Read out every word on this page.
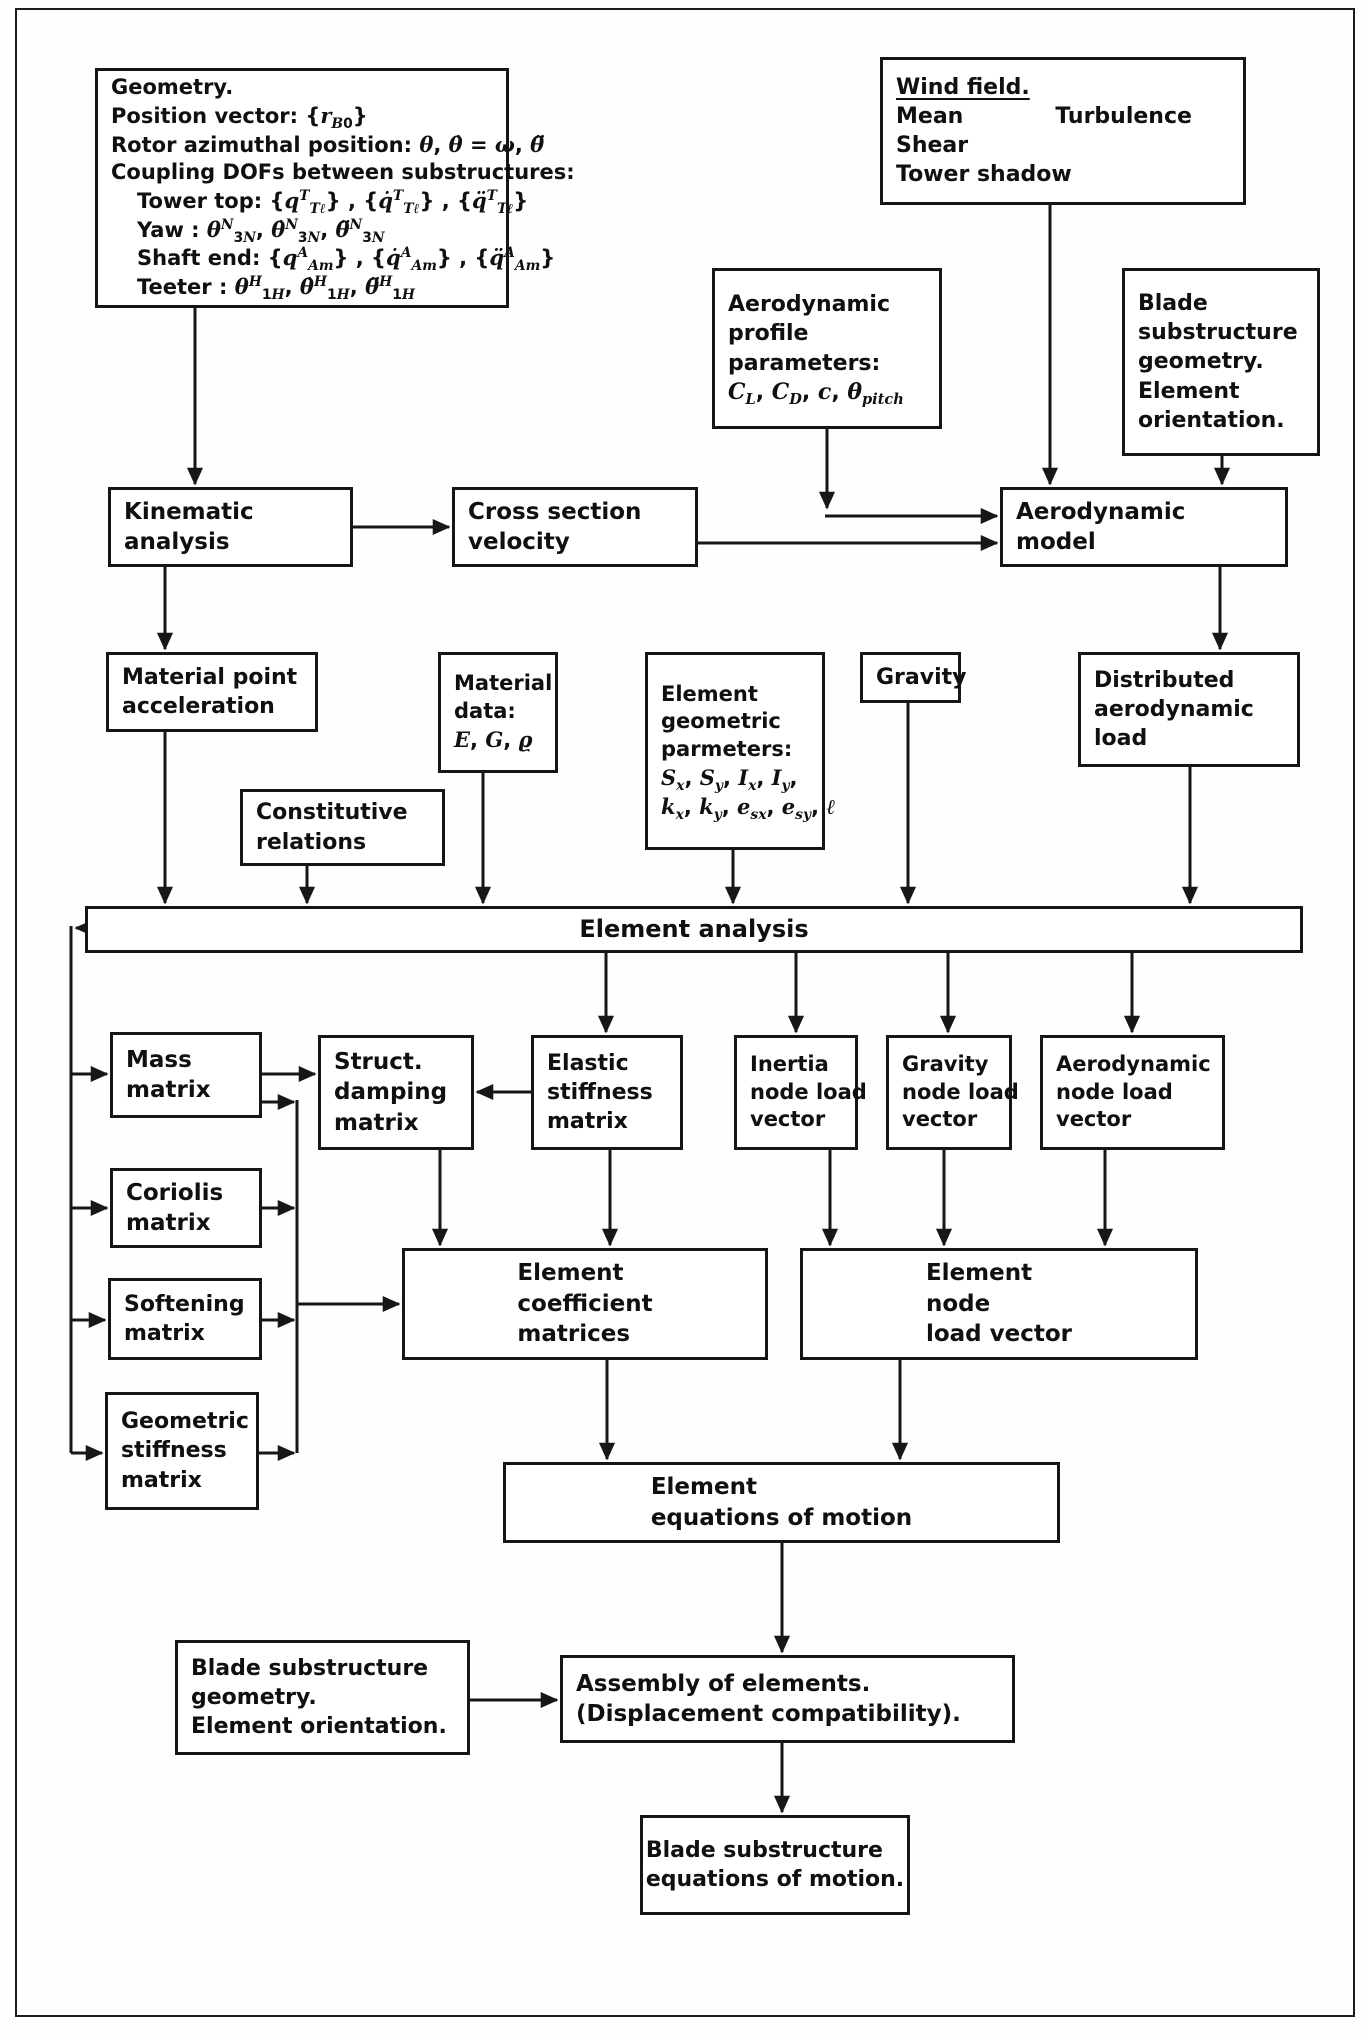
Geometry.
Position vector: $\{r_{B0}\}$
Rotor azimuthal position: θ, θ̇ = ω, θ̈
Coupling DOFs between substructures:
Tower top: $\{q^T_{T\ell}\}$ , {q̇$^T_{T\ell}$} , {q̈$^T_{T\ell}$}
Yaw : $\theta^N_{3N}$, θ̇$^N_{3N}$, θ̈$^N_{3N}$
Shaft end: $\{q^A_{Am}\}$ , {q̇$^A_{Am}$} , {q̈$^A_{Am}$}
Teeter : $\theta^H_{1H}$, θ̇$^H_{1H}$, θ̈$^H_{1H}$
Wind field.
Mean	Turbulence
Shear
Tower shadow
Aerodynamic
profile
parameters:
$C_L$, $C_D$, c, $\theta_{pitch}$
Blade
substructure
geometry.
Element
orientation.
Kinematic
analysis
Cross section
velocity
Aerodynamic
model
Material point
acceleration
Material
data:
E, G, ϱ
Constitutive
relations
Element
geometric
parmeters:
$S_x$, $S_y$, $I_x$, $I_y$,
$k_x$, $k_y$, $e_{sx}$, $e_{sy}$, ℓ
Gravity	Distributed
aerodynamic
load
Element analysis
Mass
matrix
Struct.
damping
matrix
Elastic
stiffness
matrix
Inertia
node load
vector
Gravity
node load
vector
Aerodynamic
node load
vector
Coriolis
matrix
Softening
matrix
Geometric
stiffness
matrix
Element
coefficient
matrices
Element
node
load vector
Element
equations of motion
Blade substructure
geometry.
Element orientation.
Assembly of elements.
(Displacement compatibility).
Blade substructure
equations of motion.
